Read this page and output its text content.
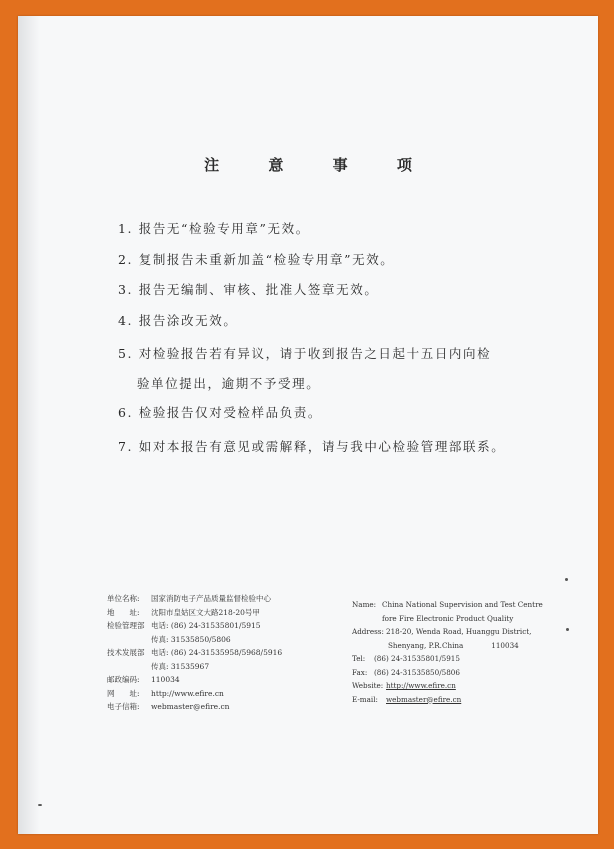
注 意 事 项
1. 报告无“检验专用章”无效。
2. 复制报告未重新加盖“检验专用章”无效。
3. 报告无编制、审核、批准人签章无效。
4. 报告涂改无效。
5. 对检验报告若有异议，请于收到报告之日起十五日内向检
验单位提出，逾期不予受理。
6. 检验报告仅对受检样品负责。
7. 如对本报告有意见或需解释，请与我中心检验管理部联系。
单位名称: 国家消防电子产品质量监督检验中心
地　　址: 沈阳市皇姑区文大路218-20号甲
检验管理部 电话: (86) 24-31535801/5915
传真: 31535850/5806
技术发展部 电话: (86) 24-31535958/5968/5916
传真: 31535967
邮政编码: 110034
网　　址: http://www.efire.cn
电子信箱: webmaster@efire.cn
Name: China National Supervision and Test Centre
fore Fire Electronic Product Quality
Address: 218-20, Wenda Road, Huanggu District,
Shenyang, P.R.China	110034
Tel: (86) 24-31535801/5915
Fax: (86) 24-31535850/5806
Website: http://www.efire.cn
E-mail: webmaster@efire.cn
